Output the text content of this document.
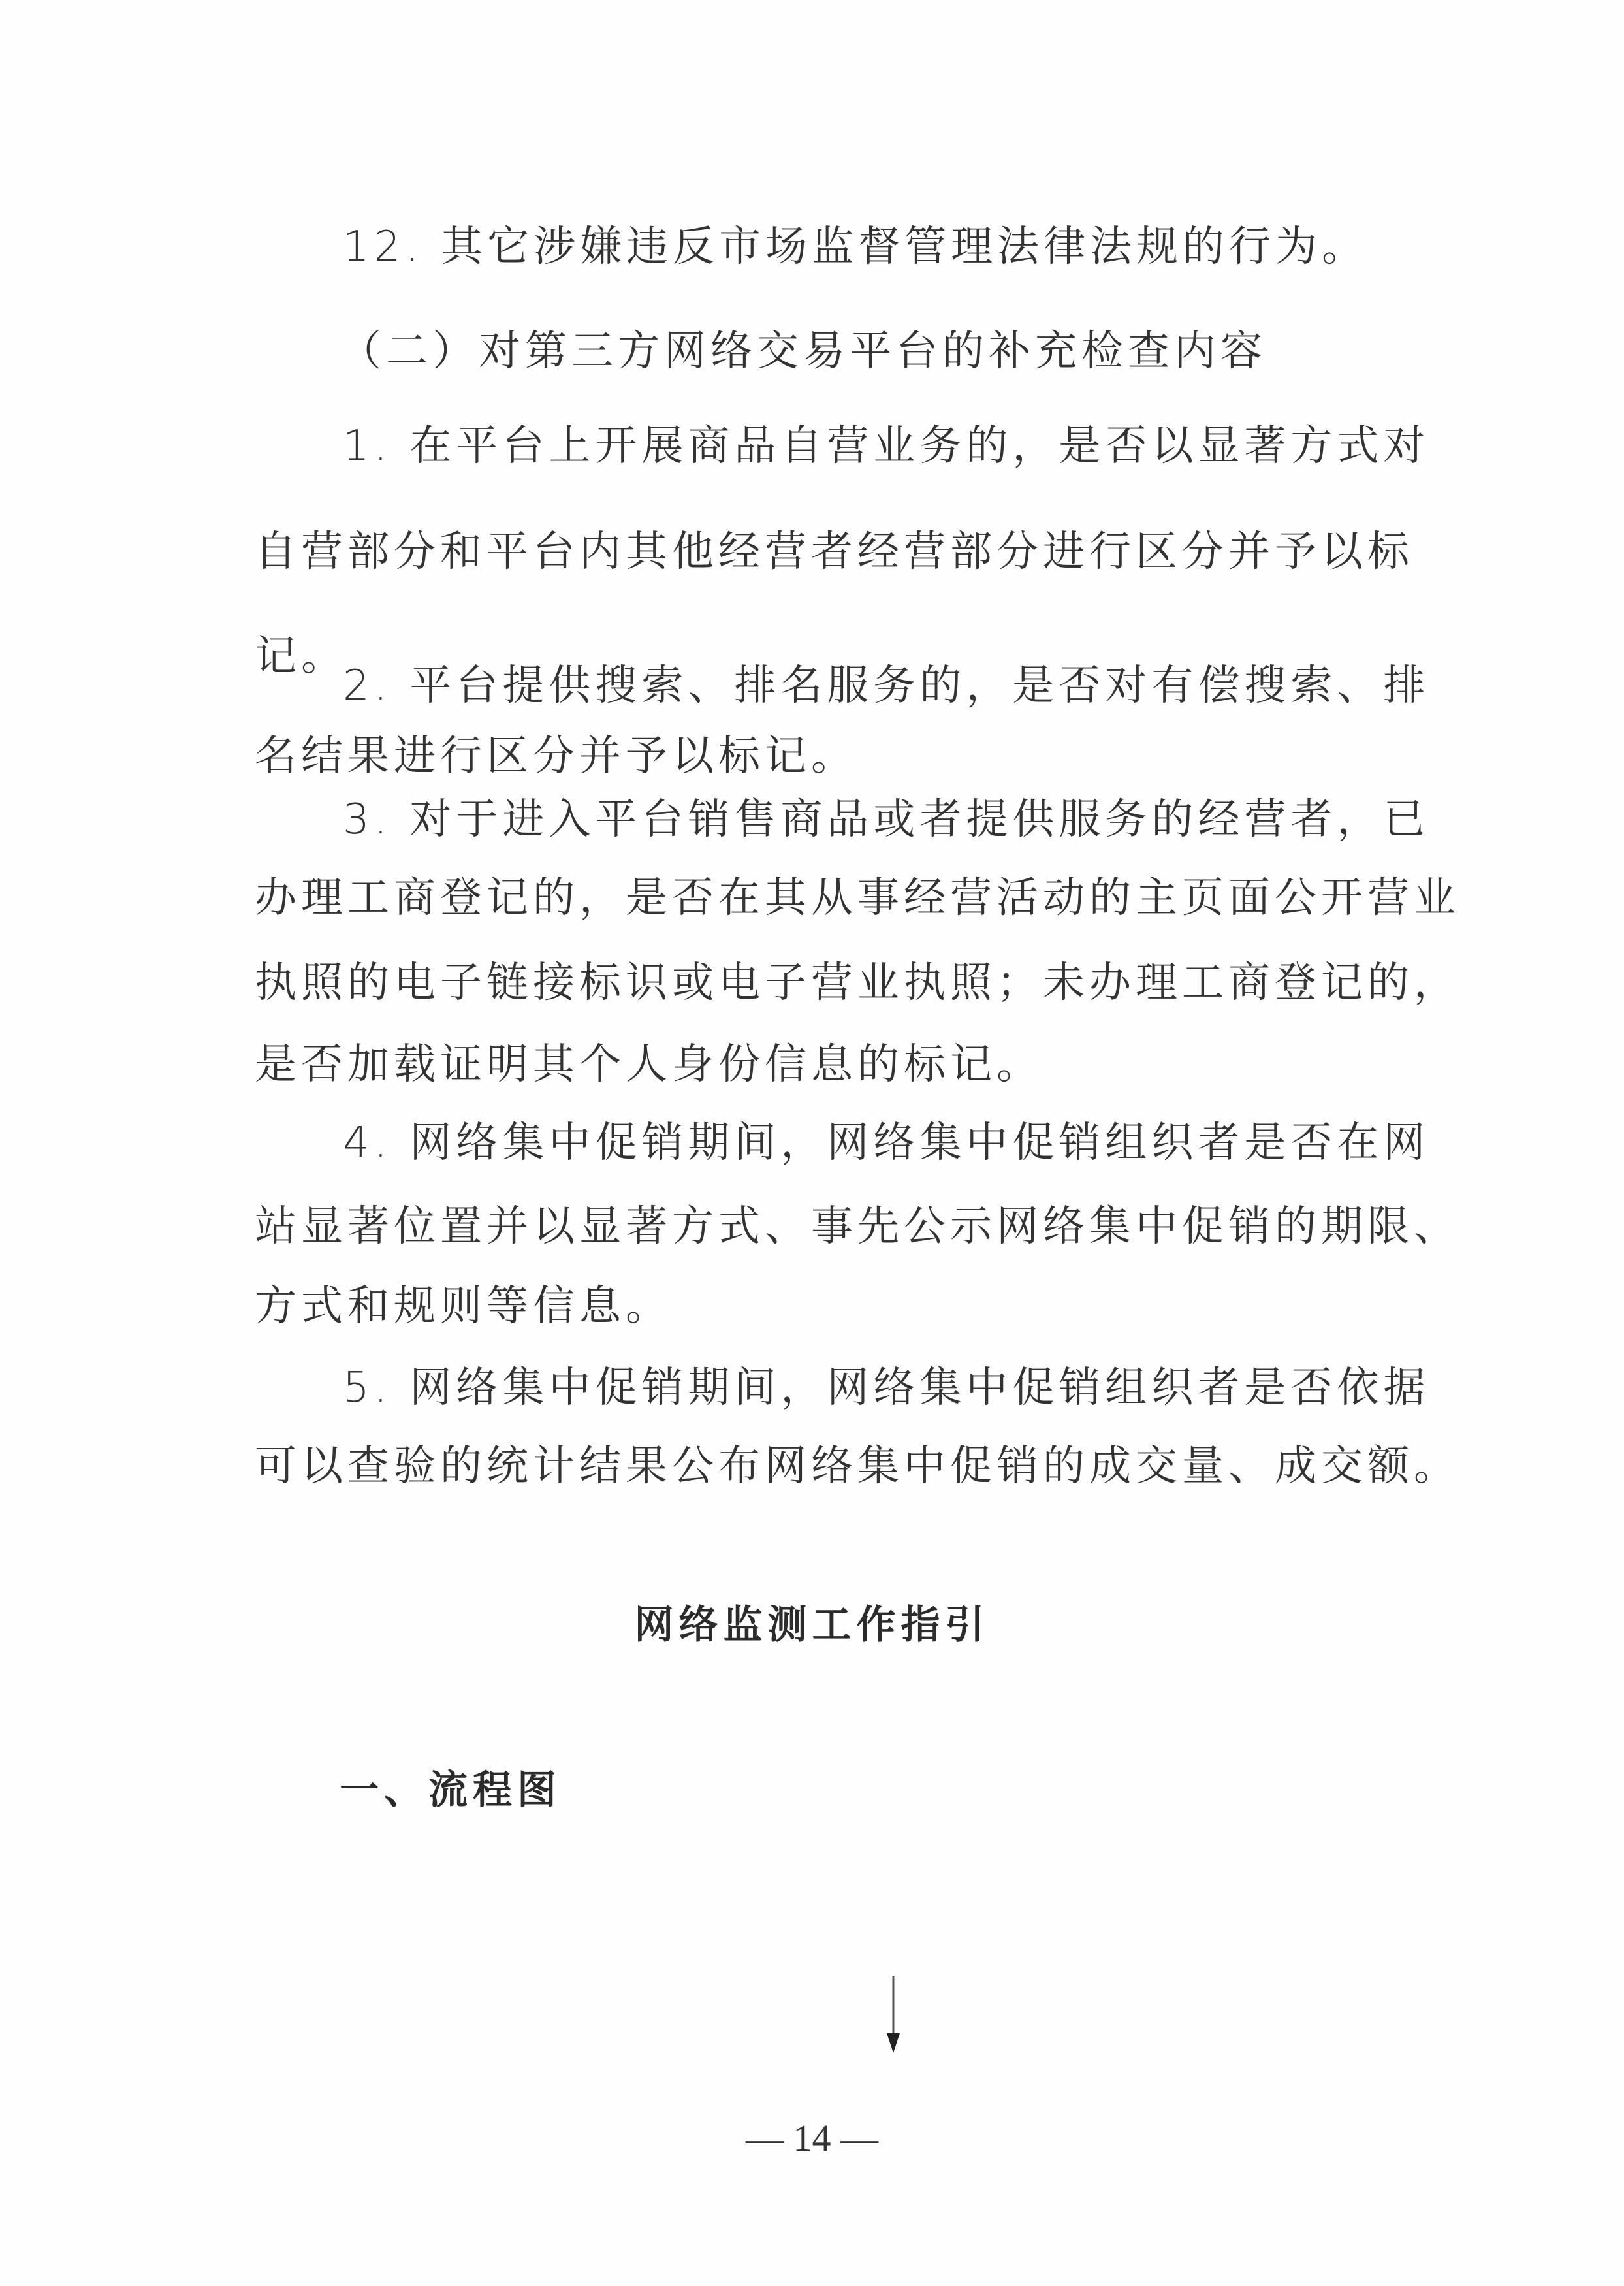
12. 其它涉嫌违反市场监督管理法律法规的行为。
（二）对第三方网络交易平台的补充检查内容
1. 在平台上开展商品自营业务的，是否以显著方式对
自营部分和平台内其他经营者经营部分进行区分并予以标
记。
2. 平台提供搜索、排名服务的，是否对有偿搜索、排
名结果进行区分并予以标记。
3. 对于进入平台销售商品或者提供服务的经营者，已
办理工商登记的，是否在其从事经营活动的主页面公开营业
执照的电子链接标识或电子营业执照；未办理工商登记的，
是否加载证明其个人身份信息的标记。
4. 网络集中促销期间，网络集中促销组织者是否在网
站显著位置并以显著方式、事先公示网络集中促销的期限、
方式和规则等信息。
5. 网络集中促销期间，网络集中促销组织者是否依据
可以查验的统计结果公布网络集中促销的成交量、成交额。
网络监测工作指引
一、流程图
— 14 —
